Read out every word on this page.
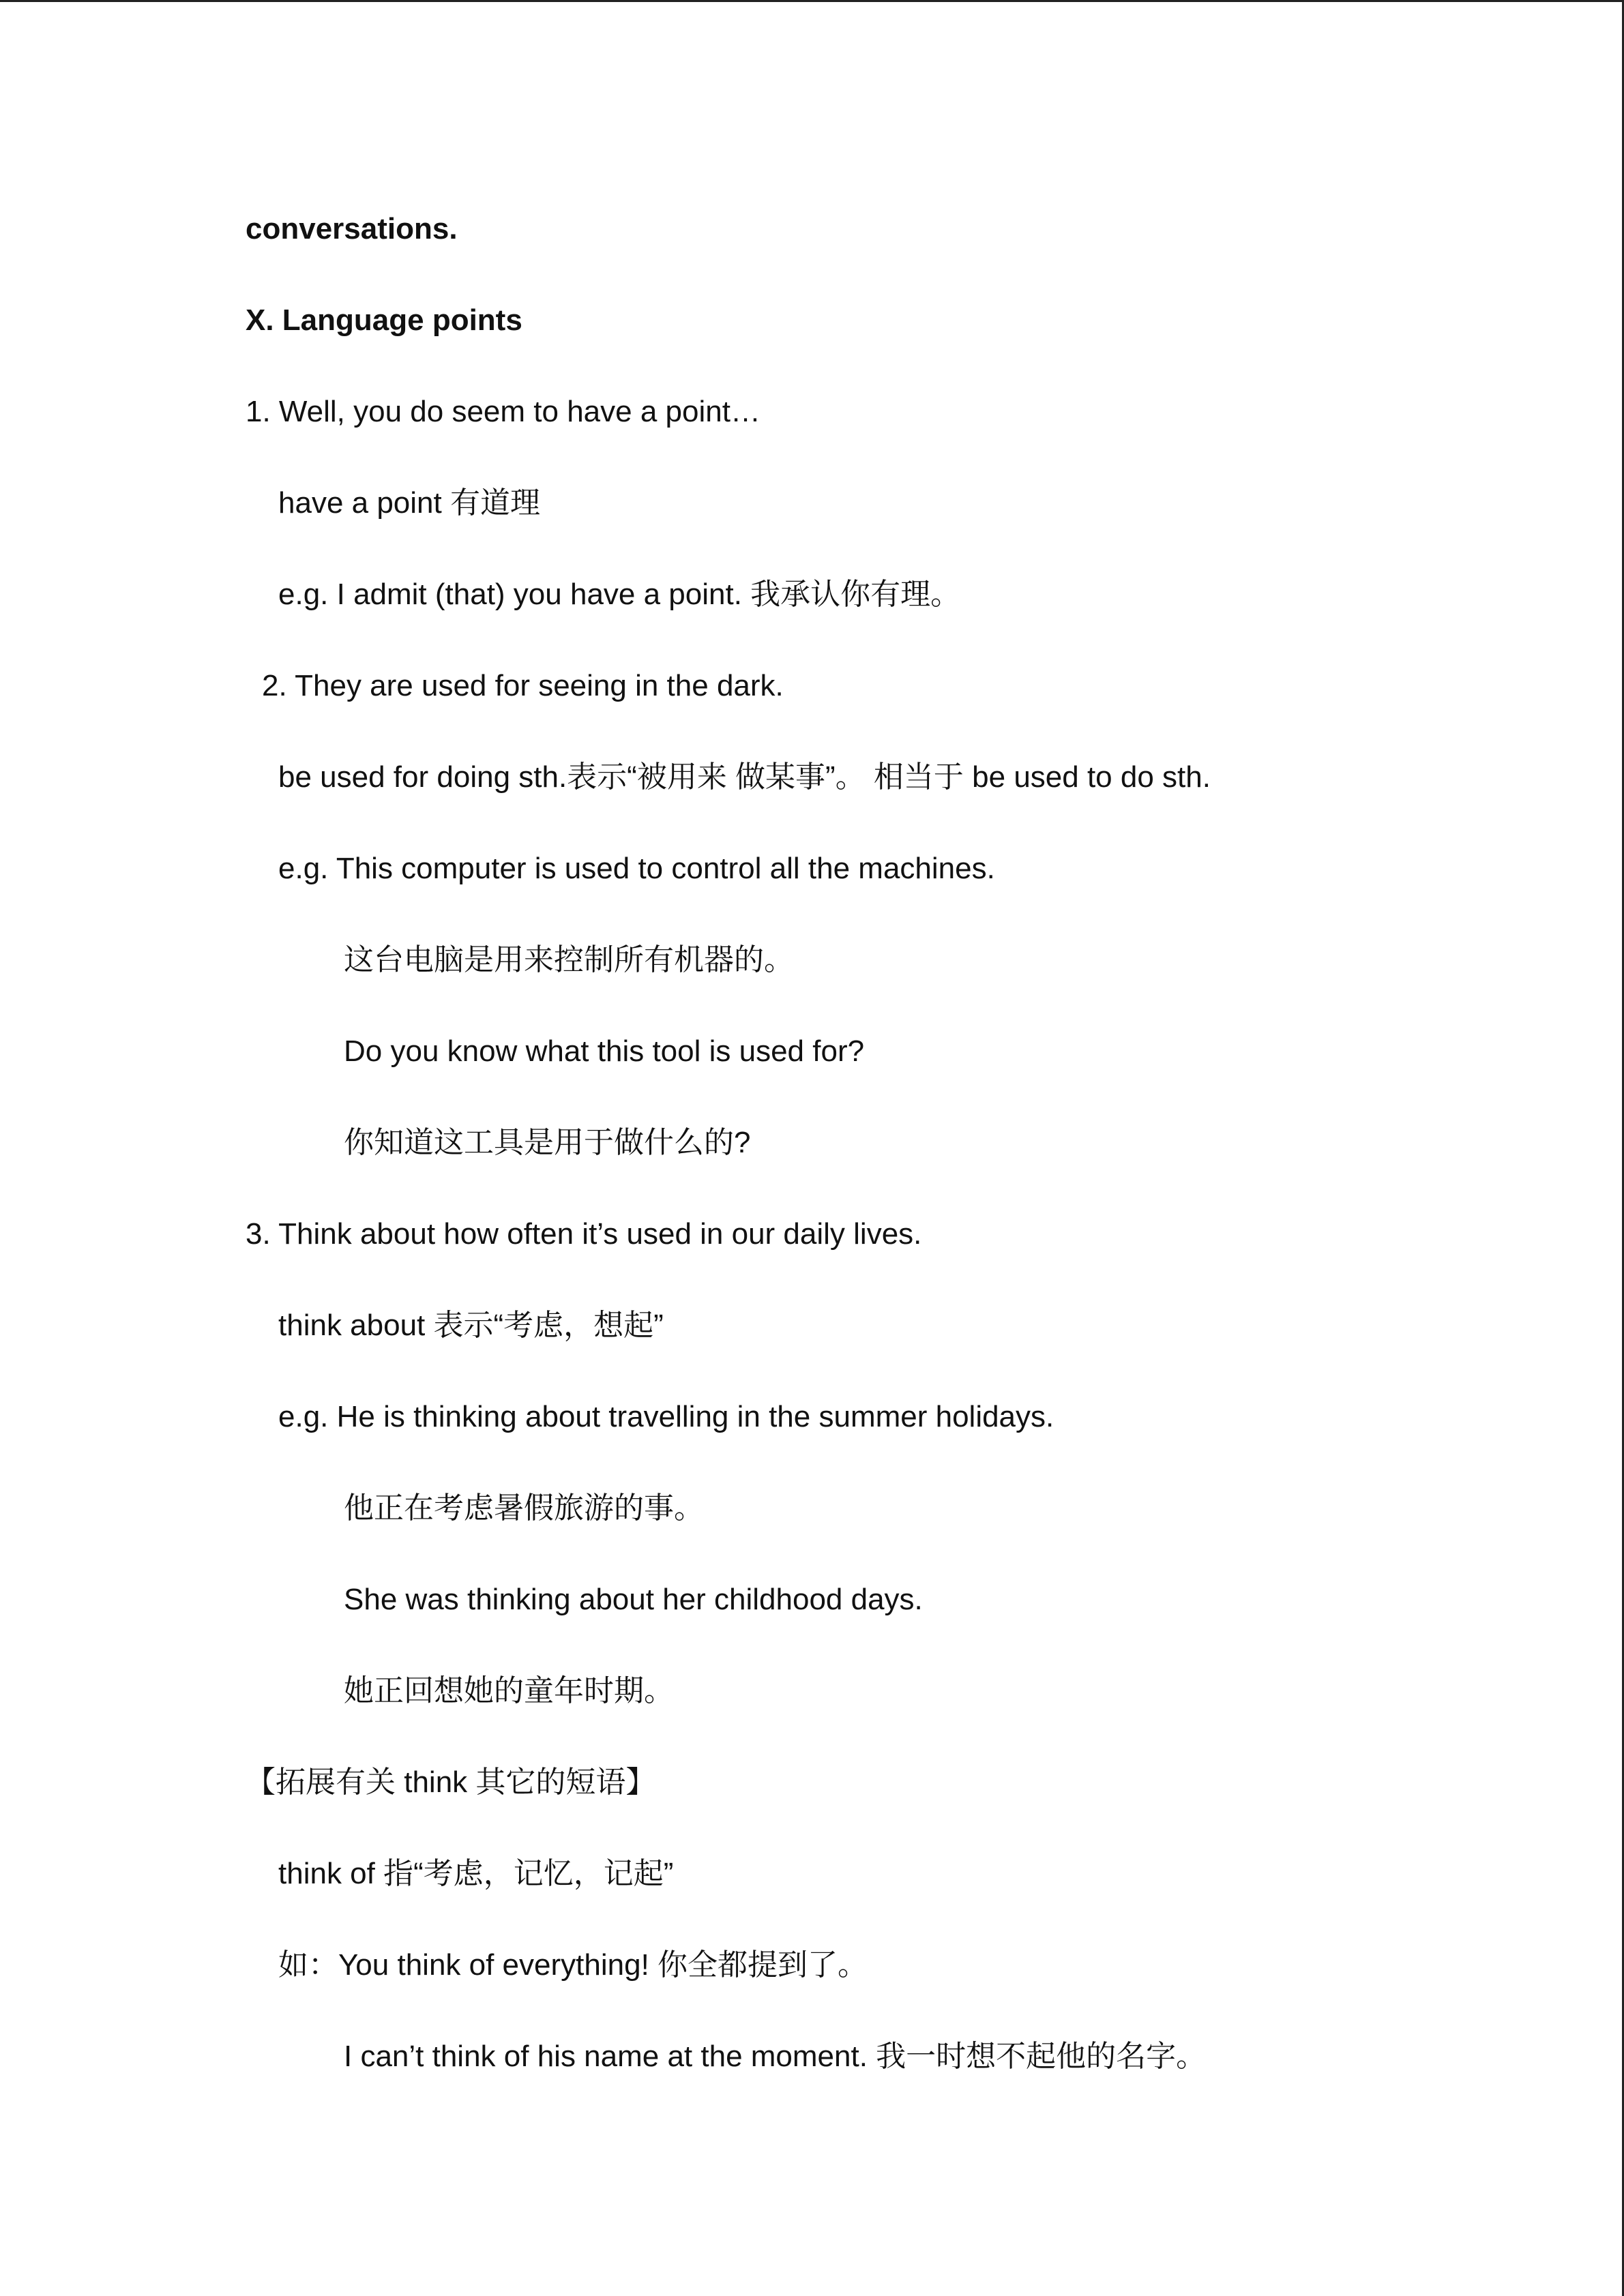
conversations.
X. Language points
1. Well, you do seem to have a point…
have a point 有道理
e.g. I admit (that) you have a point. 我承认你有理。
2. They are used for seeing in the dark.
be used for doing sth.表示“被用来 做某事”。 相当于 be used to do sth.
e.g. This computer is used to control all the machines.
这台电脑是用来控制所有机器的。
Do you know what this tool is used for?
你知道这工具是用于做什么的?
3. Think about how often it’s used in our daily lives.
think about 表示“考虑，想起”
e.g. He is thinking about travelling in the summer holidays.
他正在考虑暑假旅游的事。
She was thinking about her childhood days.
她正回想她的童年时期。
【拓展有关 think 其它的短语】
think of 指“考虑，记忆，记起”
如：You think of everything! 你全都提到了。
I can’t think of his name at the moment. 我一时想不起他的名字。
